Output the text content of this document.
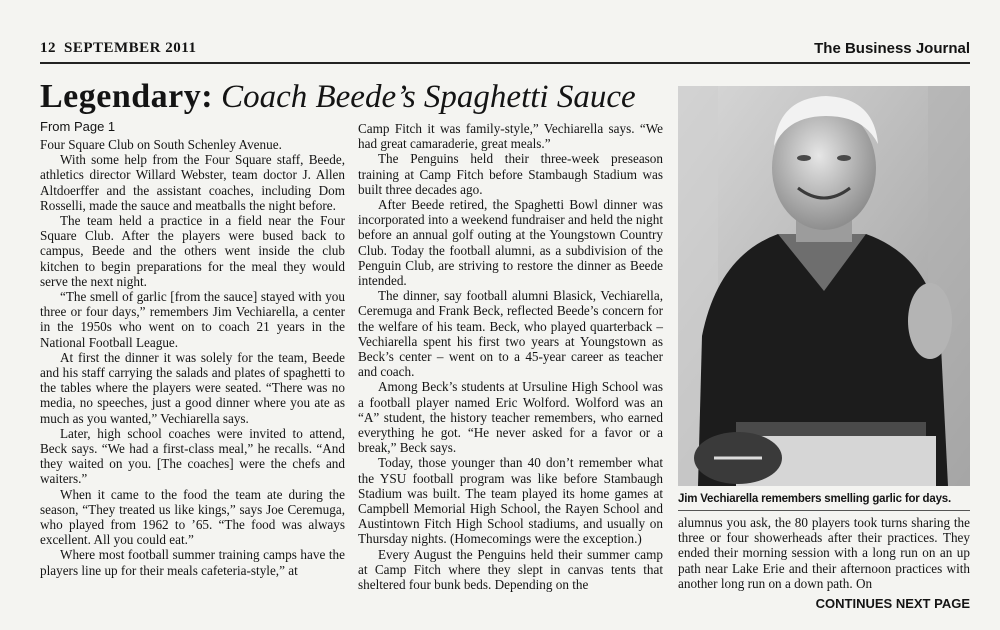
12 SEPTEMBER 2011	The Business Journal
Legendary: Coach Beede’s Spaghetti Sauce
From Page 1

Four Square Club on South Schenley Avenue.

With some help from the Four Square staff, Beede, athletics director Willard Webster, team doctor J. Allen Altdoerffer and the assistant coaches, including Dom Rosselli, made the sauce and meatballs the night before.

The team held a practice in a field near the Four Square Club. After the players were bused back to campus, Beede and the others went inside the club kitchen to begin preparations for the meal they would serve the next night.

“The smell of garlic [from the sauce] stayed with you three or four days,” remembers Jim Vechiarella, a center in the 1950s who went on to coach 21 years in the National Football League.

At first the dinner it was solely for the team, Beede and his staff carrying the salads and plates of spaghetti to the tables where the players were seated. “There was no media, no speeches, just a good dinner where you ate as much as you wanted,” Vechiarella says.

Later, high school coaches were invited to attend, Beck says. “We had a first-class meal,” he recalls. “And they waited on you. [The coaches] were the chefs and waiters.”

When it came to the food the team ate during the season, “They treated us like kings,” says Joe Ceremuga, who played from 1962 to ’65. “The food was always excellent. All you could eat.”

Where most football summer training camps have the players line up for their meals cafeteria-style,” at

Camp Fitch it was family-style,” Vechiarella says. “We had great camaraderie, great meals.”

The Penguins held their three-week preseason training at Camp Fitch before Stambaugh Stadium was built three decades ago.

After Beede retired, the Spaghetti Bowl dinner was incorporated into a weekend fundraiser and held the night before an annual golf outing at the Youngstown Country Club. Today the football alumni, as a subdivision of the Penguin Club, are striving to restore the dinner as Beede intended.

The dinner, say football alumni Blasick, Vechiarella, Ceremuga and Frank Beck, reflected Beede’s concern for the welfare of his team. Beck, who played quarterback – Vechiarella spent his first two years at Youngstown as Beck’s center – went on to a 45-year career as teacher and coach.

Among Beck’s students at Ursuline High School was a football player named Eric Wolford. Wolford was an “A” student, the history teacher remembers, who earned everything he got. “He never asked for a favor or a break,” Beck says.

Today, those younger than 40 don’t remember what the YSU football program was like before Stambaugh Stadium was built. The team played its home games at Campbell Memorial High School, the Rayen School and Austintown Fitch High School stadiums, and usually on Thursday nights. (Homecomings were the exception.)

Every August the Penguins held their summer camp at Camp Fitch where they slept in canvas tents that sheltered four bunk beds. Depending on the

Jim Vechiarella remembers smelling garlic for days.

alumnus you ask, the 80 players took turns sharing the three or four showerheads after their practices. They ended their morning session with a long run on an up path near Lake Erie and their afternoon practices with another long run on a down path. On

CONTINUES NEXT PAGE
